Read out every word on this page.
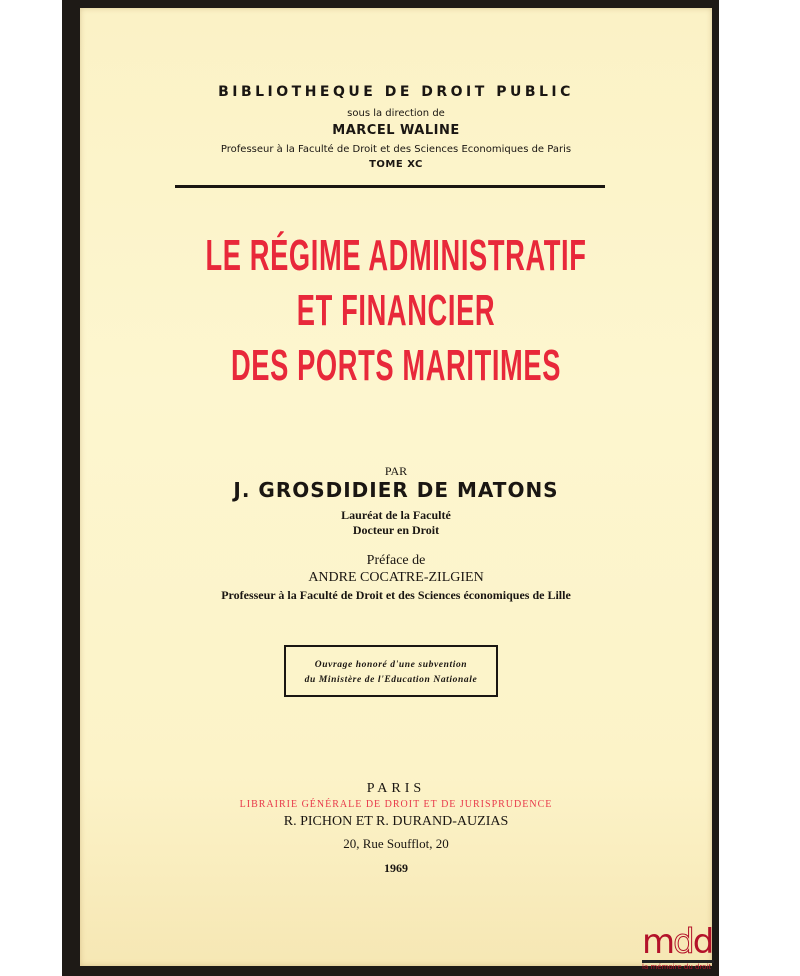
BIBLIOTHEQUE DE DROIT PUBLIC
sous la direction de
MARCEL WALINE
Professeur à la Faculté de Droit et des Sciences Economiques de Paris
TOME XC
LE RÉGIME ADMINISTRATIF
ET FINANCIER
DES PORTS MARITIMES
PAR
J. GROSDIDIER DE MATONS
Lauréat de la Faculté
Docteur en Droit
Préface de
ANDRE COCATRE-ZILGIEN
Professeur à la Faculté de Droit et des Sciences économiques de Lille
Ouvrage honoré d'une subvention
du Ministère de l'Education Nationale
PARIS
LIBRAIRIE GÉNÉRALE DE DROIT ET DE JURISPRUDENCE
R. PICHON ET R. DURAND-AUZIAS
20, Rue Soufflot, 20
1969
mdd
la mémoire du droit
